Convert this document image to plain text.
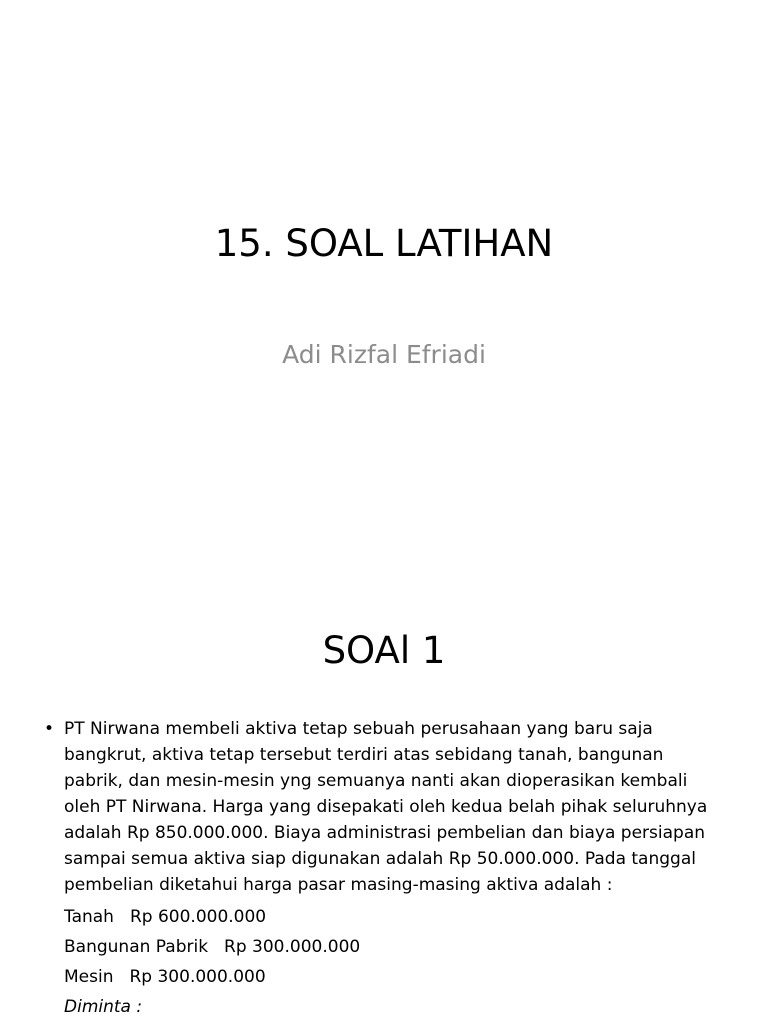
15. SOAL LATIHAN
Adi Rizfal Efriadi
SOAl 1
• PT Nirwana membeli aktiva tetap sebuah perusahaan yang baru saja
bangkrut, aktiva tetap tersebut terdiri atas sebidang tanah, bangunan
pabrik, dan mesin-mesin yng semuanya nanti akan dioperasikan kembali
oleh PT Nirwana. Harga yang disepakati oleh kedua belah pihak seluruhnya
adalah Rp 850.000.000. Biaya administrasi pembelian dan biaya persiapan
sampai semua aktiva siap digunakan adalah Rp 50.000.000. Pada tanggal
pembelian diketahui harga pasar masing-masing aktiva adalah :
Tanah Rp 600.000.000
Bangunan Pabrik Rp 300.000.000
Mesin Rp 300.000.000
Diminta :
